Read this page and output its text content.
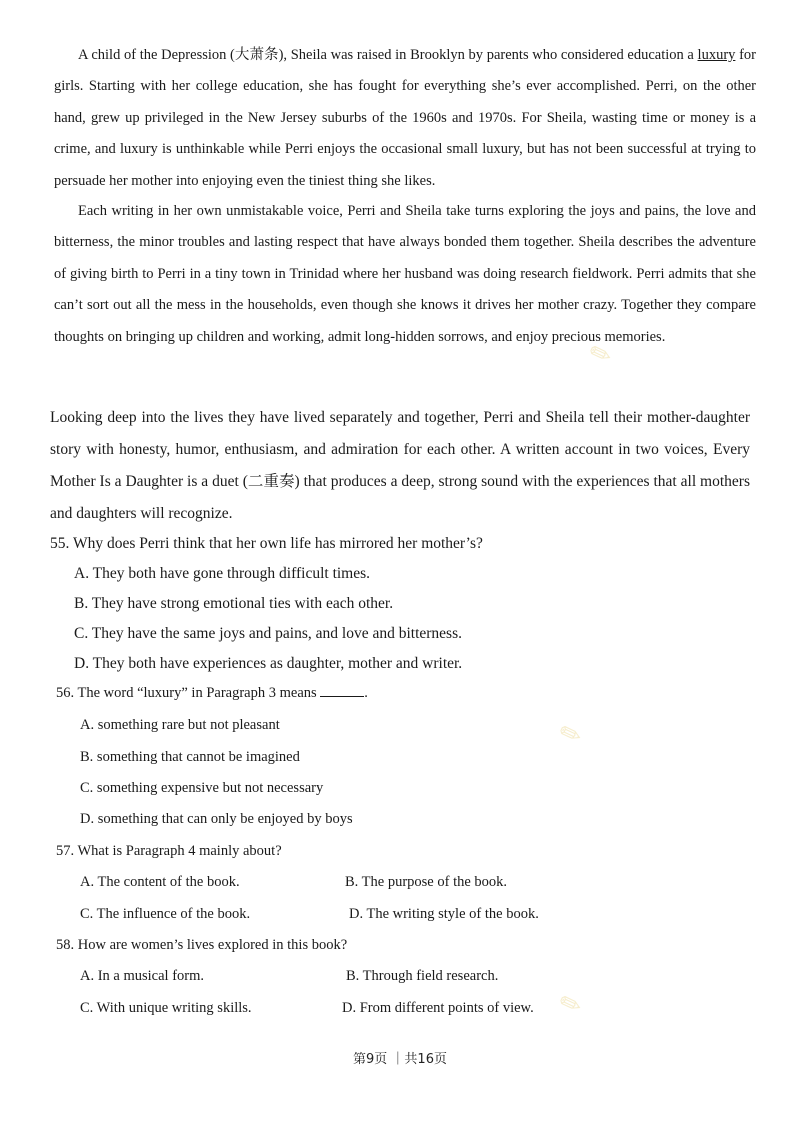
✎
✎
✎

A child of the Depression (大萧条), Sheila was raised in Brooklyn by parents who considered education a luxury for girls. Starting with her college education, she has fought for everything she’s ever accomplished. Perri, on the other hand, grew up privileged in the New Jersey suburbs of the 1960s and 1970s. For Sheila, wasting time or money is a crime, and luxury is unthinkable while Perri enjoys the occasional small luxury, but has not been successful at trying to persuade her mother into enjoying even the tiniest thing she likes.

Each writing in her own unmistakable voice, Perri and Sheila take turns exploring the joys and pains, the love and bitterness, the minor troubles and lasting respect that have always bonded them together. Sheila describes the adventure of giving birth to Perri in a tiny town in Trinidad where her husband was doing research fieldwork. Perri admits that she can’t sort out all the mess in the households, even though she knows it drives her mother crazy. Together they compare thoughts on bringing up children and working, admit long-hidden sorrows, and enjoy precious memories.

Looking deep into the lives they have lived separately and together, Perri and Sheila tell their mother-daughter story with honesty, humor, enthusiasm, and admiration for each other. A written account in two voices, Every Mother Is a Daughter is a duet (二重奏) that produces a deep, strong sound with the experiences that all mothers and daughters will recognize.

55. Why does Perri think that her own life has mirrored her mother’s?
A. They both have gone through difficult times.
B. They have strong emotional ties with each other.
C. They have the same joys and pains, and love and bitterness.
D. They both have experiences as daughter, mother and writer.
56. The word “luxury” in Paragraph 3 means	.
A. something rare but not pleasant
B. something that cannot be imagined
C. something expensive but not necessary
D. something that can only be enjoyed by boys
57. What is Paragraph 4 mainly about?
A. The content of the book.	B. The purpose of the book.
C. The influence of the book.	D. The writing style of the book.
58. How are women’s lives explored in this book?
A. In a musical form.	B. Through field research.
C. With unique writing skills.	D. From different points of view.
第9页 ｜共16页
